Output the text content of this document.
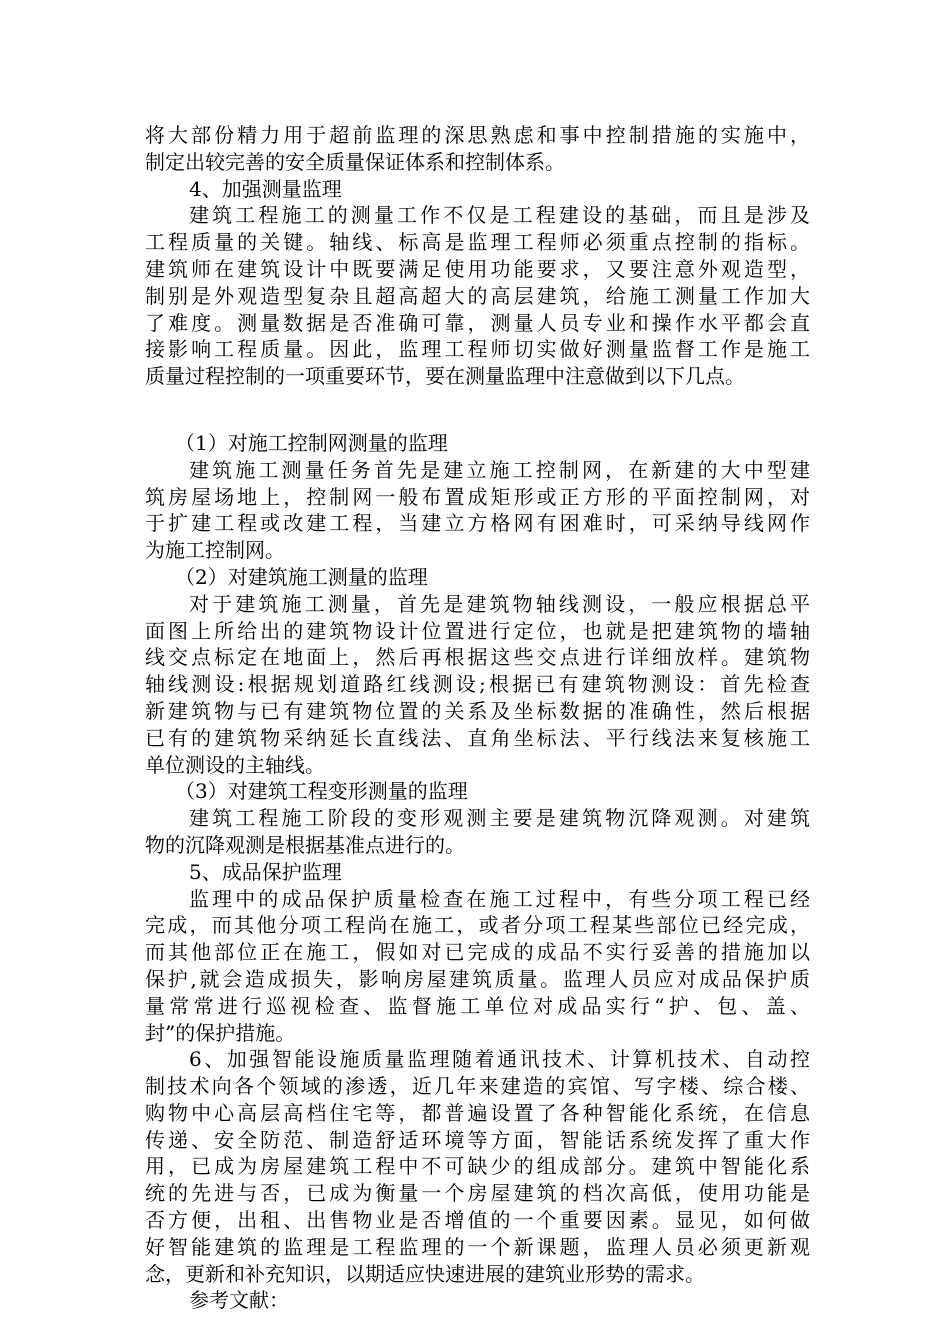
将大部份精力用于超前监理的深思熟虑和事中控制措施的实施中，
制定出较完善的安全质量保证体系和控制体系。
4、加强测量监理
建筑工程施工的测量工作不仅是工程建设的基础，而且是涉及
工程质量的关键。轴线、标高是监理工程师必须重点控制的指标。
建筑师在建筑设计中既要满足使用功能要求，又要注意外观造型，
制别是外观造型复杂且超高超大的高层建筑，给施工测量工作加大
了难度。测量数据是否准确可靠，测量人员专业和操作水平都会直
接影响工程质量。因此，监理工程师切实做好测量监督工作是施工
质量过程控制的一项重要环节，要在测量监理中注意做到以下几点。
（1）对施工控制网测量的监理
建筑施工测量任务首先是建立施工控制网，在新建的大中型建
筑房屋场地上，控制网一般布置成矩形或正方形的平面控制网，对
于扩建工程或改建工程，当建立方格网有困难时，可采纳导线网作
为施工控制网。
（2）对建筑施工测量的监理
对于建筑施工测量，首先是建筑物轴线测设，一般应根据总平
面图上所给出的建筑物设计位置进行定位，也就是把建筑物的墙轴
线交点标定在地面上，然后再根据这些交点进行详细放样。建筑物
轴线测设:根据规划道路红线测设;根据已有建筑物测设：首先检查
新建筑物与已有建筑物位置的关系及坐标数据的准确性，然后根据
已有的建筑物采纳延长直线法、直角坐标法、平行线法来复核施工
单位测设的主轴线。
（3）对建筑工程变形测量的监理
建筑工程施工阶段的变形观测主要是建筑物沉降观测。对建筑
物的沉降观测是根据基准点进行的。
5、成品保护监理
监理中的成品保护质量检查在施工过程中，有些分项工程已经
完成，而其他分项工程尚在施工，或者分项工程某些部位已经完成，
而其他部位正在施工，假如对已完成的成品不实行妥善的措施加以
保护,就会造成损失，影响房屋建筑质量。监理人员应对成品保护质
量常常进行巡视检查、监督施工单位对成品实行“护、包、盖、
封”的保护措施。
6、加强智能设施质量监理随着通讯技术、计算机技术、自动控
制技术向各个领域的渗透，近几年来建造的宾馆、写字楼、综合楼、
购物中心高层高档住宅等，都普遍设置了各种智能化系统，在信息
传递、安全防范、制造舒适环境等方面，智能话系统发挥了重大作
用，已成为房屋建筑工程中不可缺少的组成部分。建筑中智能化系
统的先进与否，已成为衡量一个房屋建筑的档次高低，使用功能是
否方便，出租、出售物业是否增值的一个重要因素。显见，如何做
好智能建筑的监理是工程监理的一个新课题，监理人员必须更新观
念，更新和补充知识，以期适应快速进展的建筑业形势的需求。
参考文献：
